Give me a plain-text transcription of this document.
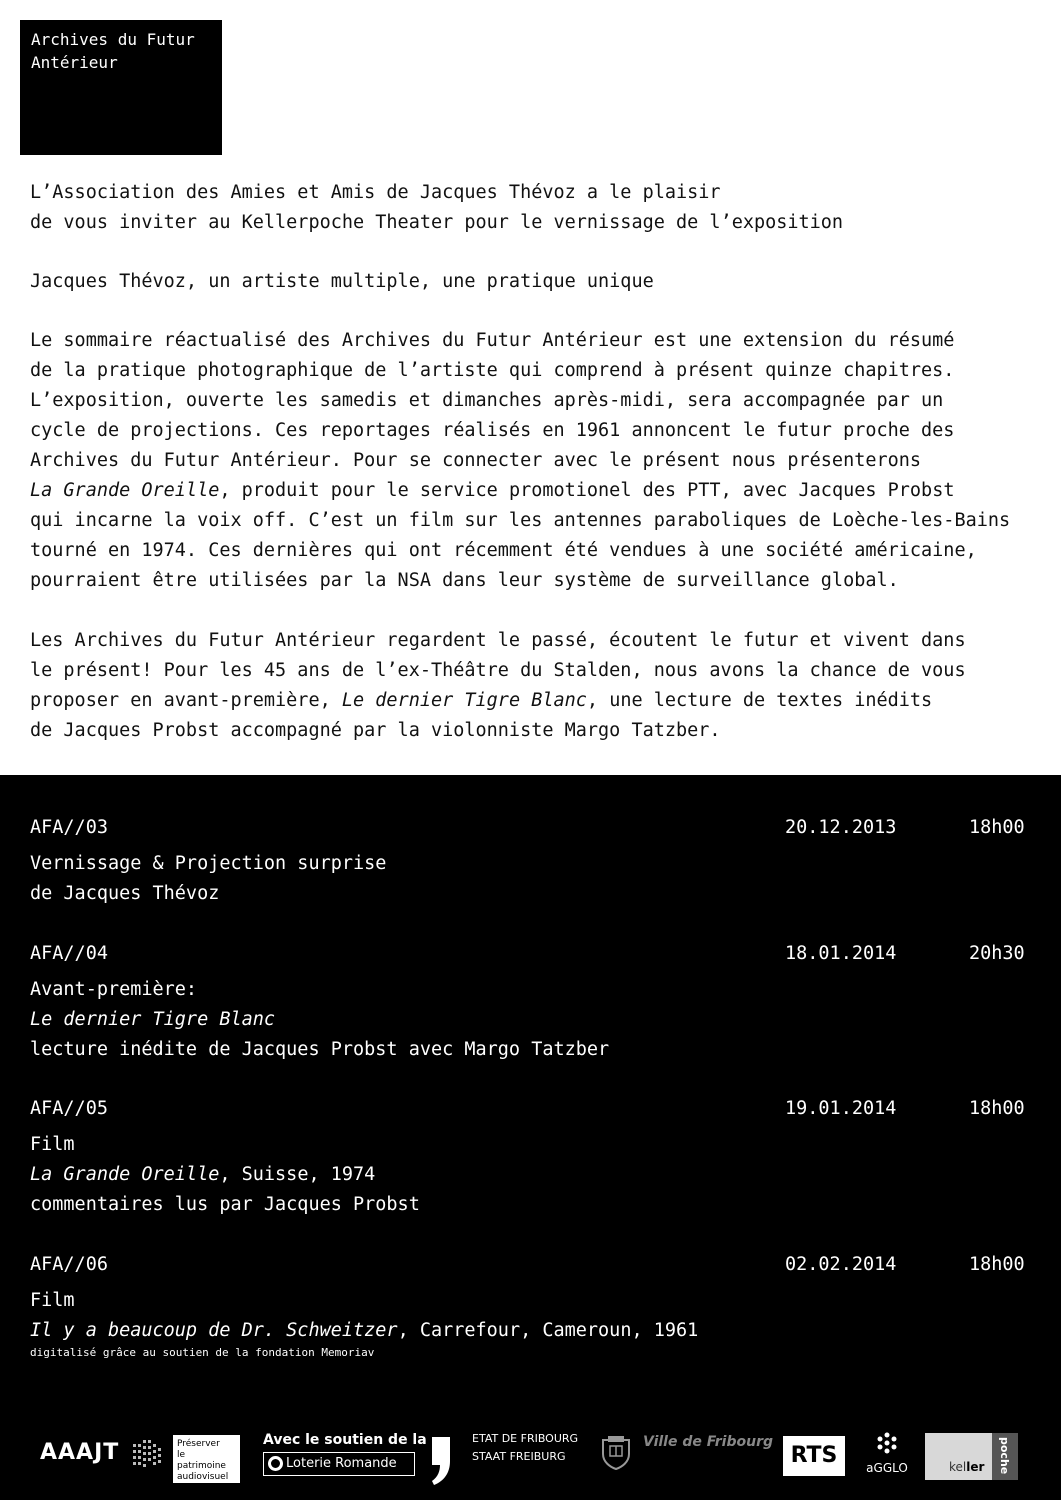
Archives du Futur
Antérieur

L’Association des Amies et Amis de Jacques Thévoz a le plaisir

de vous inviter au Kellerpoche Theater pour le vernissage de l’exposition

Jacques Thévoz, un artiste multiple, une pratique unique
Le sommaire réactualisé des Archives du Futur Antérieur est une extension du résumé
de la pratique photographique de l’artiste qui comprend à présent quinze chapitres.
L’exposition, ouverte les samedis et dimanches après-midi, sera accompagnée par un
cycle de projections. Ces reportages réalisés en 1961 annoncent le futur proche des
Archives du Futur Antérieur. Pour se connecter avec le présent nous présenterons
La Grande Oreille, produit pour le service promotionel des PTT, avec Jacques Probst
qui incarne la voix off. C’est un film sur les antennes paraboliques de Loèche-les-Bains
tourné en 1974. Ces dernières qui ont récemment été vendues à une société américaine,
pourraient être utilisées par la NSA dans leur système de surveillance global.
Les Archives du Futur Antérieur regardent le passé, écoutent le futur et vivent dans
le présent! Pour les 45 ans de l’ex-Théâtre du Stalden, nous avons la chance de vous
proposer en avant-première, Le dernier Tigre Blanc, une lecture de textes inédits
de Jacques Probst accompagné par la violonniste Margo Tatzber.
AFA//03	20.12.2013	18h00
Vernissage & Projection surprise
de Jacques Thévoz
AFA//04	18.01.2014	20h30
Avant-première:
Le dernier Tigre Blanc
lecture inédite de Jacques Probst avec Margo Tatzber
AFA//05	19.01.2014	18h00
Film
La Grande Oreille, Suisse, 1974
commentaires lus par Jacques Probst
AFA//06	02.02.2014	18h00
Film
Il y a beaucoup de Dr. Schweitzer, Carrefour, Cameroun, 1961
digitalisé grâce au soutien de la fondation Memoriav
AAAJT	Préserver
le patrimoine
audiovisuel
Avec le soutien de la
Loterie Romande
ETAT DE FRIBOURG
STAAT FREIBURG
Ville de Fribourg
RTS	aGGLO	keller poche
